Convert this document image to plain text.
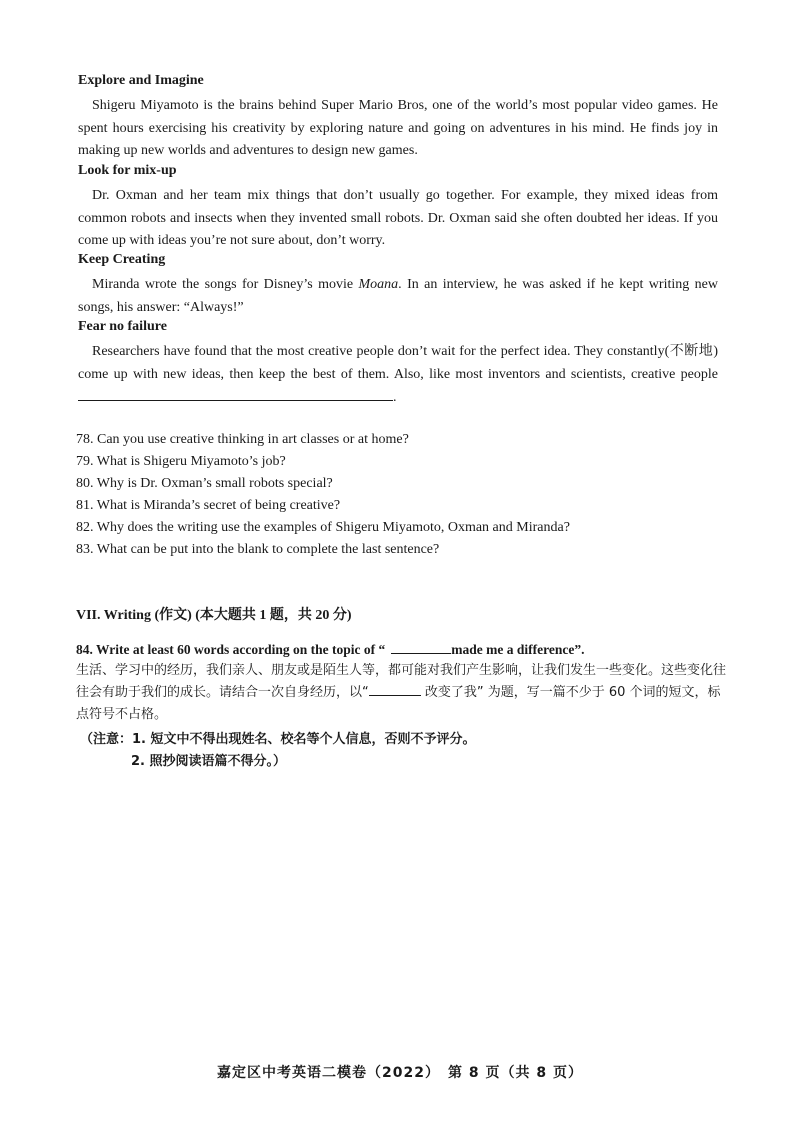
Explore and Imagine
Shigeru Miyamoto is the brains behind Super Mario Bros, one of the world’s most popular video games. He spent hours exercising his creativity by exploring nature and going on adventures in his mind. He finds joy in making up new worlds and adventures to design new games.
Look for mix-up
Dr. Oxman and her team mix things that don’t usually go together. For example, they mixed ideas from common robots and insects when they invented small robots. Dr. Oxman said she often doubted her ideas. If you come up with ideas you’re not sure about, don’t worry.
Keep Creating
Miranda wrote the songs for Disney’s movie Moana. In an interview, he was asked if he kept writing new songs, his answer: “Always!”
Fear no failure
Researchers have found that the most creative people don’t wait for the perfect idea. They constantly(不断地) come up with new ideas, then keep the best of them. Also, like most inventors and scientists, creative people .
78. Can you use creative thinking in art classes or at home?
79. What is Shigeru Miyamoto’s job?
80. Why is Dr. Oxman’s small robots special?
81. What is Miranda’s secret of being creative?
82. Why does the writing use the examples of Shigeru Miyamoto, Oxman and Miranda?
83. What can be put into the blank to complete the last sentence?
VII. Writing (作文) (本大题共 1 题，共 20 分)
84. Write at least 60 words according on the topic of “	made me a difference”.
生活、学习中的经历，我们亲人、朋友或是陌生人等，都可能对我们产生影响，让我们发生一些变化。这些变化往往会有助于我们的成长。请结合一次自身经历，以“	改变了我” 为题，写一篇不少于 60 个词的短文，标点符号不占格。
（注意：1. 短文中不得出现姓名、校名等个人信息，否则不予评分。
2. 照抄阅读语篇不得分。）
嘉定区中考英语二模卷（2022）　第 8 页（共 8 页）
